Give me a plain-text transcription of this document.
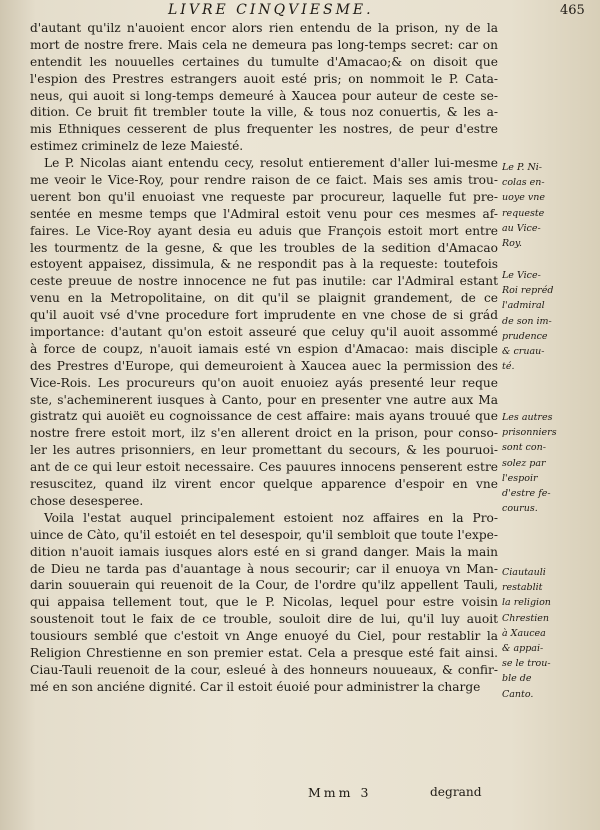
LIVRE CINQVIESME.	465
d'autant qu'ilz n'auoient encor alors rien entendu de la prison, ny de la
mort de nostre frere. Mais cela ne demeura pas long-temps secret: car on
entendit les nouuelles certaines du tumulte d'Amacao;& on disoit que
l'espion des Prestres estrangers auoit esté pris; on nommoit le P. Cata-
neus, qui auoit si long-temps demeuré à Xaucea pour auteur de ceste se-
dition. Ce bruit fit trembler toute la ville, & tous noz conuertis, & les a-
mis Ethniques cesserent de plus frequenter les nostres, de peur d'estre
estimez criminelz de leze Maiesté.
Le P. Nicolas aiant entendu cecy, resolut entierement d'aller lui-mesme
me veoir le Vice-Roy, pour rendre raison de ce faict. Mais ses amis trou-
uerent bon qu'il enuoiast vne requeste par procureur, laquelle fut pre-
sentée en mesme temps que l'Admiral estoit venu pour ces mesmes af-
faires. Le Vice-Roy ayant desia eu aduis que François estoit mort entre
les tourmentz de la gesne, & que les troubles de la sedition d'Amacao
estoyent appaisez, dissimula, & ne respondit pas à la requeste: toutefois
ceste preuue de nostre innocence ne fut pas inutile: car l'Admiral estant
venu en la Metropolitaine, on dit qu'il se plaignit grandement, de ce
qu'il auoit vsé d'vne procedure fort imprudente en vne chose de si grád
importance: d'autant qu'on estoit asseuré que celuy qu'il auoit assommé
à force de coupz, n'auoit iamais esté vn espion d'Amacao: mais disciple
des Prestres d'Europe, qui demeuroient à Xaucea auec la permission des
Vice-Rois. Les procureurs qu'on auoit enuoiez ayás presenté leur reque
ste, s'acheminerent iusques à Canto, pour en presenter vne autre aux Ma
gistratz qui auoiët eu cognoissance de cest affaire: mais ayans trouué que
nostre frere estoit mort, ilz s'en allerent droict en la prison, pour conso-
ler les autres prisonniers, en leur promettant du secours, & les pouruoi-
ant de ce qui leur estoit necessaire. Ces pauures innocens penserent estre
resuscitez, quand ilz virent encor quelque apparence d'espoir en vne
chose desesperee.
Voila l'estat auquel principalement estoient noz affaires en la Pro-
uince de Càto, qu'il estoiét en tel desespoir, qu'il sembloit que toute l'expe-
dition n'auoit iamais iusques alors esté en si grand danger. Mais la main
de Dieu ne tarda pas d'auantage à nous secourir; car il enuoya vn Man-
darin souuerain qui reuenoit de la Cour, de l'ordre qu'ilz appellent Tauli,
qui appaisa tellement tout, que le P. Nicolas, lequel pour estre voisin
soustenoit tout le faix de ce trouble, souloit dire de lui, qu'il luy auoit
tousiours semblé que c'estoit vn Ange enuoyé du Ciel, pour restablir la
Religion Chrestienne en son premier estat. Cela a presque esté fait ainsi.
Ciau-Tauli reuenoit de la cour, esleué à des honneurs nouueaux, & confir-
mé en son anciéne dignité. Car il estoit éuoié pour administrer la charge
Le P. Ni-
colas en-
uoye vne
requeste
au Vice-
Roy.
Le Vice-
Roi repréd
l'admiral
de son im-
prudence
& cruau-
té.
Les autres
prisonniers
sont con-
solez par
l'espoir
d'estre fe-
courus.
Ciautauli
restablit
la religion
Chrestien
à Xaucea
& appai-
se le trou-
ble de
Canto.
Mmm 3	degrand
